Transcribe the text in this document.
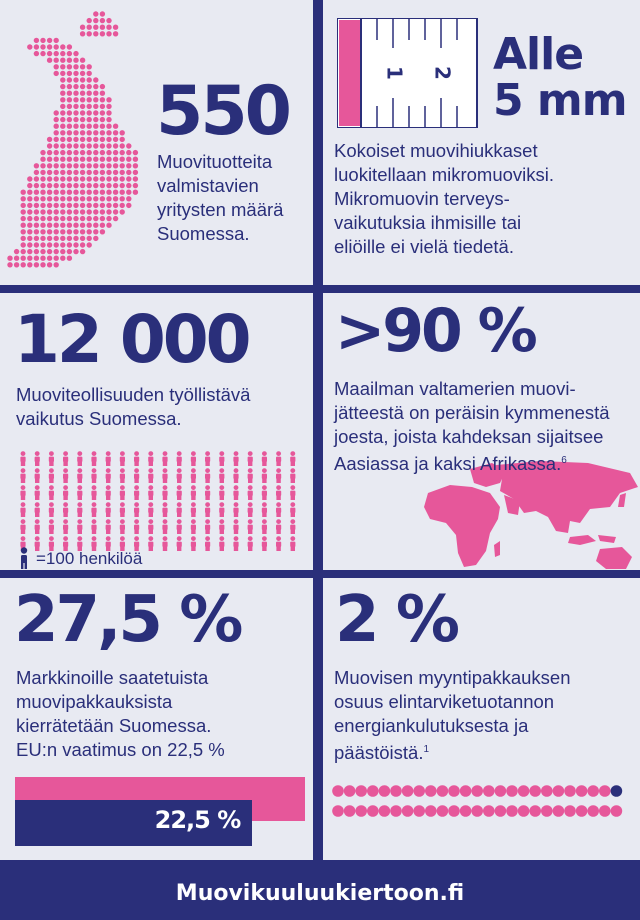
550
Muovituotteita
valmistavien
yritysten määrä
Suomessa.
1 2 Alle
5 mm
Kokoiset muovihiukkaset
luokitellaan mikromuoviksi.
Mikromuovin terveys-
vaikutuksia ihmisille tai
eliöille ei vielä tiedetä.
12 000
Muoviteollisuuden työllistävä
vaikutus Suomessa.
=100 henkilöä
>90 %
Maailman valtamerien muovi-
jätteestä on peräisin kymmenestä
joesta, joista kahdeksan sijaitsee
Aasiassa ja kaksi Afrikassa.$^6$
27,5 %
Markkinoille saatetuista
muovipakkauksista
kierrätetään Suomessa.
EU:n vaatimus on 22,5 %
22,5 %
2 %
Muovisen myyntipakkauksen
osuus elintarviketuotannon
energiankulutuksesta ja
päästöistä.$^1$
Muovikuuluukiertoon.fi
